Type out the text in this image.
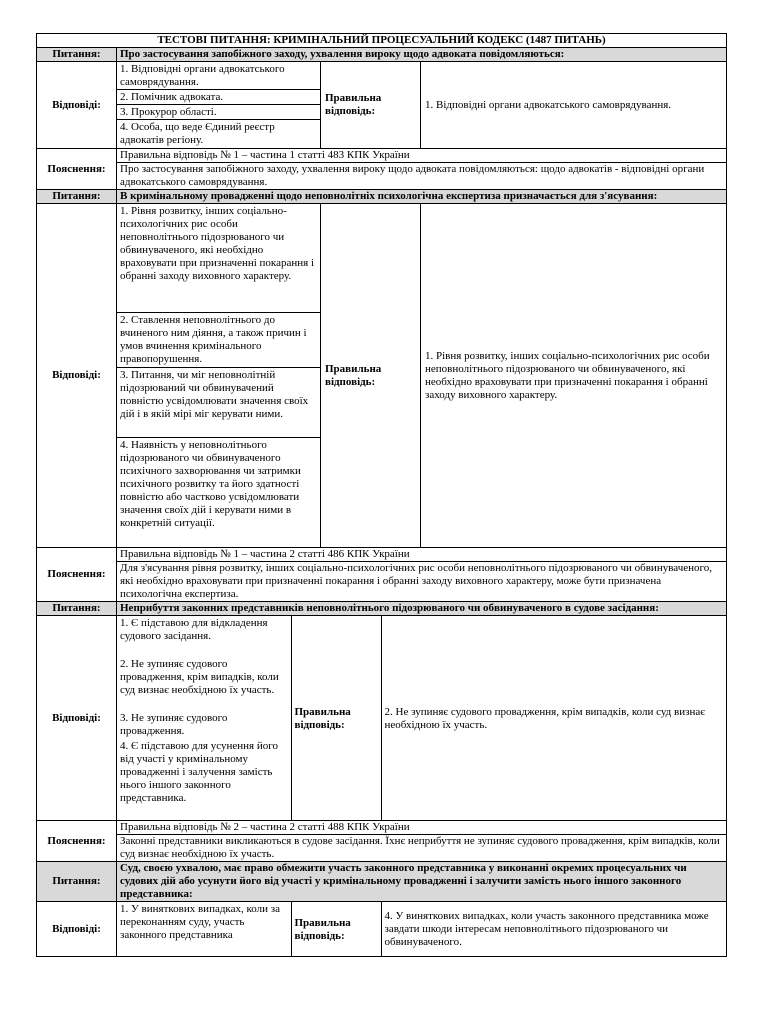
ТЕСТОВІ ПИТАННЯ: КРИМІНАЛЬНИЙ ПРОЦЕСУАЛЬНИЙ КОДЕКС (1487 ПИТАНЬ)
Питання:	Про застосування запобіжного заходу, ухвалення вироку щодо адвоката повідомляються:
Відповіді:	
1. Відповідні органи адвокатського самоврядування.
2. Помічник адвоката.
3. Прокурор області.
4. Особа, що веде Єдиний реєстр адвокатів регіону.
	Правильна відповідь:	1. Відповідні органи адвокатського самоврядування.
Пояснення:	Правильна відповідь № 1 – частина 1 статті 483 КПК України
Про застосування запобіжного заходу, ухвалення вироку щодо адвоката повідомляються: щодо адвокатів - відповідні органи адвокатського самоврядування.
Питання:	В кримінальному провадженні щодо неповнолітніх психологічна експертиза призначається для з'ясування:
Відповіді:	
1. Рівня розвитку, інших соціально-психологічних рис особи неповнолітнього підозрюваного чи обвинуваченого, які необхідно враховувати при призначенні покарання і обранні заходу виховного характеру.
2. Ставлення неповнолітнього до вчиненого ним діяння, а також причин і умов вчинення кримінального правопорушення.
3. Питання, чи міг неповнолітній підозрюваний чи обвинувачений повністю усвідомлювати значення своїх дій і в якій мірі міг керувати ними.
4. Наявність у неповнолітнього підозрюваного чи обвинуваченого психічного захворювання чи затримки психічного розвитку та його здатності повністю або частково усвідомлювати значення своїх дій і керувати ними в конкретній ситуації.
	Правильна відповідь:	1. Рівня розвитку, інших соціально-психологічних рис особи неповнолітнього підозрюваного чи обвинуваченого, які необхідно враховувати при призначенні покарання і обранні заходу виховного характеру.
Пояснення:	Правильна відповідь № 1 – частина 2 статті 486 КПК України
Для з'ясування рівня розвитку, інших соціально-психологічних рис особи неповнолітнього підозрюваного чи обвинуваченого, які необхідно враховувати при призначенні покарання і обранні заходу виховного характеру, може бути призначена психологічна експертиза.
Питання:	Неприбуття законних представників неповнолітнього підозрюваного чи обвинуваченого в судове засідання:
Відповіді:	
1. Є підставою для відкладення судового засідання.
2. Не зупиняє судового провадження, крім випадків, коли суд визнає необхідною їх участь.
3. Не зупиняє судового провадження.
4. Є підставою для усунення його від участі у кримінальному провадженні і залучення замість нього іншого законного представника.
	Правильна відповідь:	2. Не зупиняє судового провадження, крім випадків, коли суд визнає необхідною їх участь.

Пояснення:	Правильна відповідь № 2 – частина 2 статті 488 КПК України
Законні представники викликаються в судове засідання. Їхнє неприбуття не зупиняє судового провадження, крім випадків, коли суд визнає необхідною їх участь.
Питання:	Суд, своєю ухвалою, має право обмежити участь законного представника у виконанні окремих процесуальних чи судових дій або усунути його від участі у кримінальному провадженні і залучити замість нього іншого законного представника:
Відповіді:	
1. У виняткових випадках, коли за переконанням суду, участь законного представника	Правильна відповідь:	4. У виняткових випадках, коли участь законного представника може завдати шкоди інтересам неповнолітнього підозрюваного чи обвинуваченого.
